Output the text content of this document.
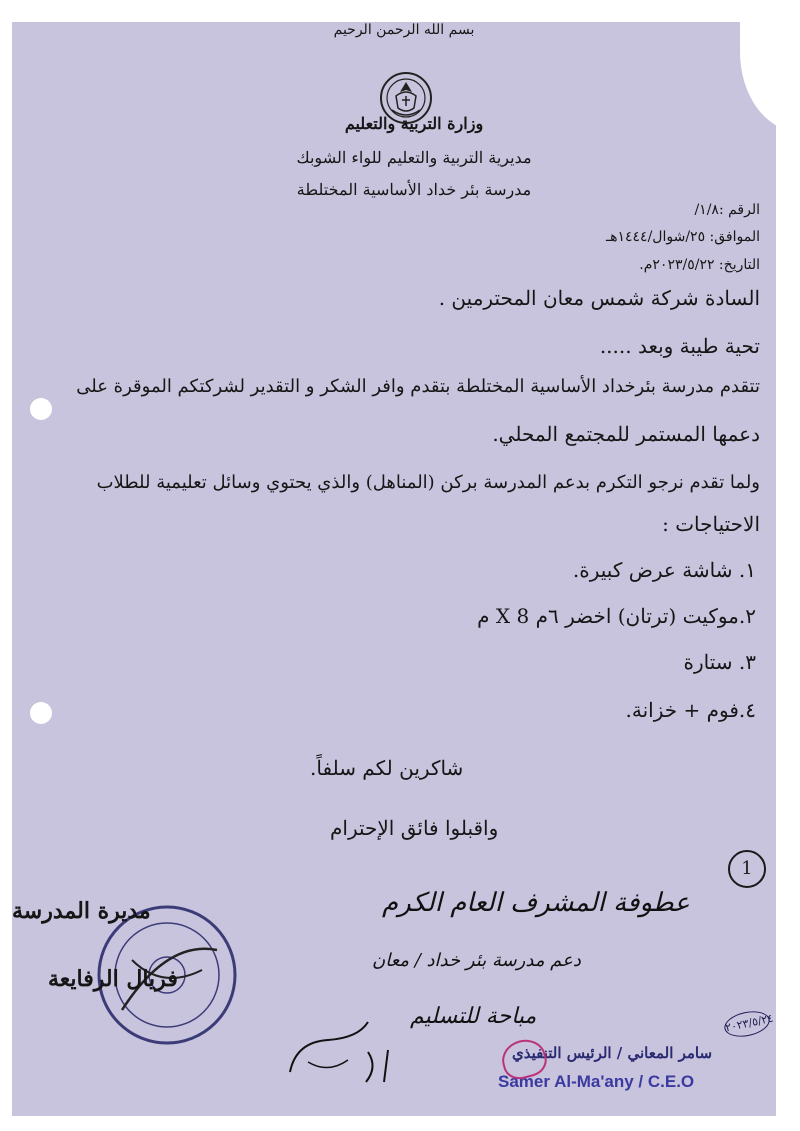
بسم الله الرحمن الرحيم
وزارة التربية والتعليم
مديرية التربية والتعليم للواء الشوبك
مدرسة بئر خداد الأساسية المختلطة
الرقم :١/٨/
الموافق: ٢٥/شوال/١٤٤٤هـ
التاريخ: ٢٠٢٣/٥/٢٢م.
السادة شركة شمس معان المحترمين .
تحية طيبة وبعد .....
تتقدم مدرسة بئرخداد الأساسية المختلطة بتقدم وافر الشكر و التقدير لشركتكم الموقرة على
دعمها المستمر للمجتمع المحلي.
ولما تقدم نرجو التكرم بدعم المدرسة بركن (المناهل) والذي يحتوي وسائل تعليمية للطلاب
الاحتياجات :
١. شاشة عرض كبيرة.
٢.موكيت (ترتان) اخضر ٦م X 8 م
٣. ستارة
٤.فوم + خزانة.
شاكرين لكم سلفاً.
واقبلوا فائق الإحترام
1
عطوفة المشرف العام الكرم
دعم مدرسة بئر خداد / معان
مباحة للتسليم
مديرة المدرسة
فريال الرفايعة
سامر المعاني / الرئيس التنفيذي
Samer Al-Ma'any / C.E.O
٢٠٢٣/٥/٢٤
